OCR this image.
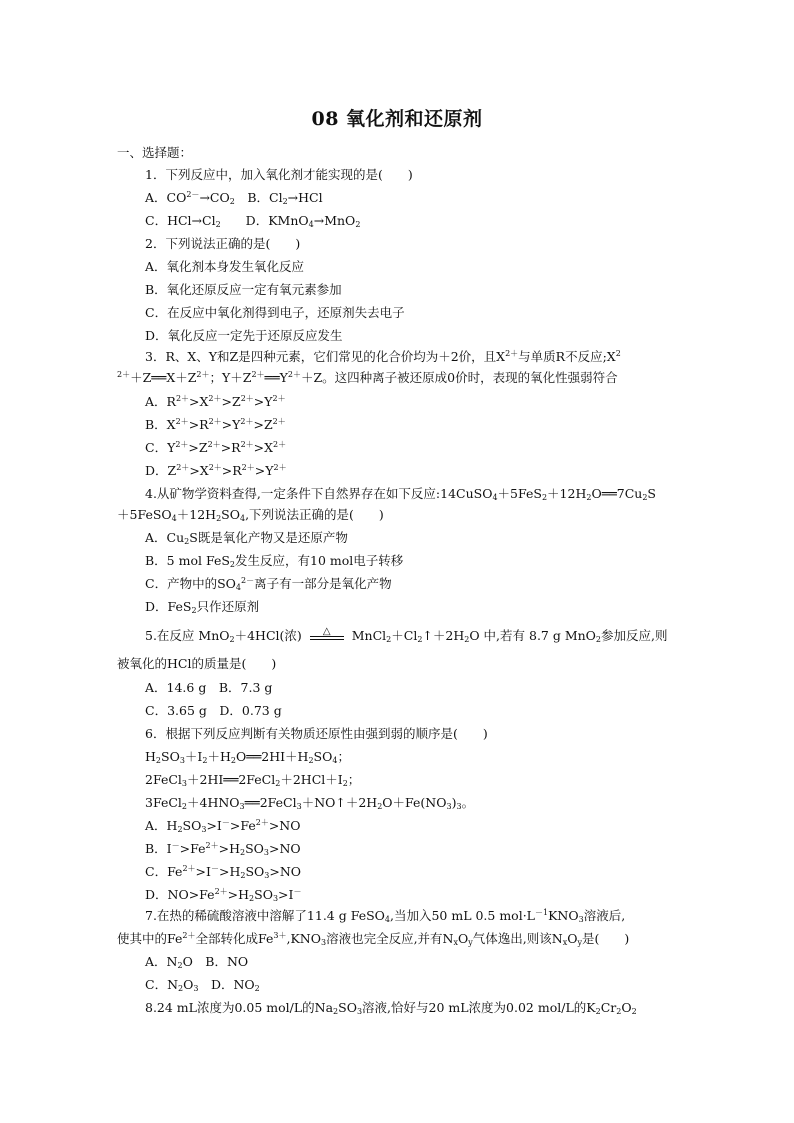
08 氧化剂和还原剂
一、选择题：
1．下列反应中，加入氧化剂才能实现的是(　　)
A．$CO^{2-}\to CO_2$　B．$Cl_2\to HCl$
C．$HCl\to Cl_2$　　D．KMnO$_4$→MnO$_2$
2．下列说法正确的是(　　)
A．氧化剂本身发生氧化反应
B．氧化还原反应一定有氧元素参加
C．在反应中氧化剂得到电子，还原剂失去电子
D．氧化反应一定先于还原反应发生
3．R、X、Y和Z是四种元素，它们常见的化合价均为＋2价，且$X^{2+}$与单质R不反应$;X^2$
$^{2+}+Z══X+Z^{2+}$；$Y+Z^{2+}══Y^{2+}+Z$。这四种离子被还原成0价时，表现的氧化性强弱符合
A．$R^{2+}>X^{2+}>Z^{2+}>Y^{2+}$
B．$X^{2+}>R^{2+}>Y^{2+}>Z^{2+}$
C．$Y^{2+}>Z^{2+}>R^{2+}>X^{2+}$
D．$Z^{2+}>X^{2+}>R^{2+}>Y^{2+}$
4.从矿物学资料查得,一定条件下自然界存在如下反应$:14CuSO_4+5FeS_2+12H_2O══7Cu_2S$
$+5FeSO_4+12H_2SO_4$,下列说法正确的是(　　)
A．$Cu_2S$既是氧化产物又是还原产物
B．5 mol FeS$_2$发生反应，有10 mol电子转移
C．产物中的$SO_4^{2-}$离子有一部分是氧化产物
D．FeS$_2$只作还原剂
5.在反应 MnO$_2$＋4HCl(浓)	△	$MnCl_2+Cl_2↑+2H_2O$ 中,若有 8.7 g MnO$_2$参加反应,则
被氧化的HCl的质量是(　　)
A．14.6 g　B．7.3 g
C．3.65 g　D．0.73 g
6．根据下列反应判断有关物质还原性由强到弱的顺序是(　　)
$H_2SO_3+I_2+H_2O══2HI+H_2SO_4$；
$2FeCl_3+2HI══2FeCl_2+2HCl+I_2$；
$3FeCl_2+4HNO_3══2FeCl_3+NO↑+2H_2O+Fe(NO_3)_3$。
A．$H_2SO_3>I^->Fe^{2+}>NO$
B．$I^->Fe^{2+}>H_2SO_3>NO$
C．$Fe^{2+}>I^->H_2SO_3>NO$
D．$NO>Fe^{2+}>H_2SO_3>I^-$
7.在热的稀硫酸溶液中溶解了11.4 g FeSO$_4$,当加入50 mL 0.5 $mol\cdot L^{-1}KNO_3$溶液后,
使其中的$Fe^{2+}$全部转化成$Fe^{3+},KNO_3$溶液也完全反应,并有$N_xO_y$气体逸出,则该$N_xO_y$是(　　)
A．$N_2O$　B．NO
C．$N_2O_3$　D．$NO_2$
8.24 mL浓度为0.05 mol/L的$Na_2SO_3$溶液,恰好与20 mL浓度为0.02 mol/L的$K_2Cr_2O_2$
